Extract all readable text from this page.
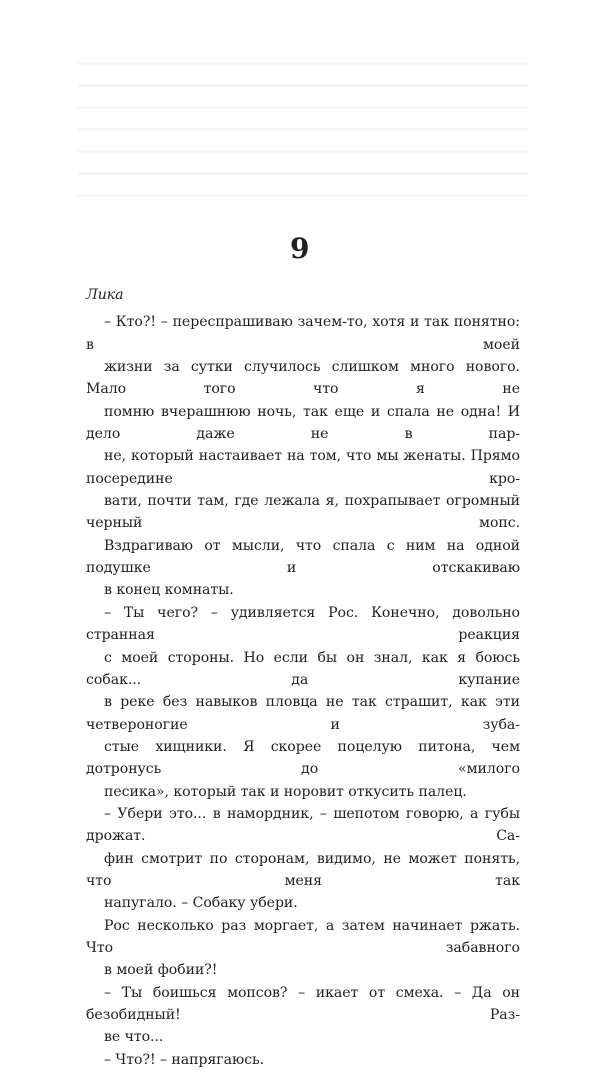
9
Лика

– Кто?! – переспрашиваю зачем-то, хотя и так понятно: в моей
жизни за сутки случилось слишком много нового. Мало того что я не
помню вчерашнюю ночь, так еще и спала не одна! И дело даже не в пар-
не, который настаивает на том, что мы женаты. Прямо посередине кро-
вати, почти там, где лежала я, похрапывает огромный черный мопс.
Вздрагиваю от мысли, что спала с ним на одной подушке и отскакиваю
в конец комнаты.

– Ты чего? – удивляется Рос. Конечно, довольно странная реакция
с моей стороны. Но если бы он знал, как я боюсь собак... да купание
в реке без навыков пловца не так страшит, как эти четвероногие и зуба-
стые хищники. Я скорее поцелую питона, чем дотронусь до «милого
песика», который так и норовит откусить палец.

– Убери это... в намордник, – шепотом говорю, а губы дрожат. Са-
фин смотрит по сторонам, видимо, не может понять, что меня так
напугало. – Собаку убери.

Рос несколько раз моргает, а затем начинает ржать. Что забавного
в моей фобии?!

– Ты боишься мопсов? – икает от смеха. – Да он безобидный! Раз-
ве что...

– Что?! – напрягаюсь.
